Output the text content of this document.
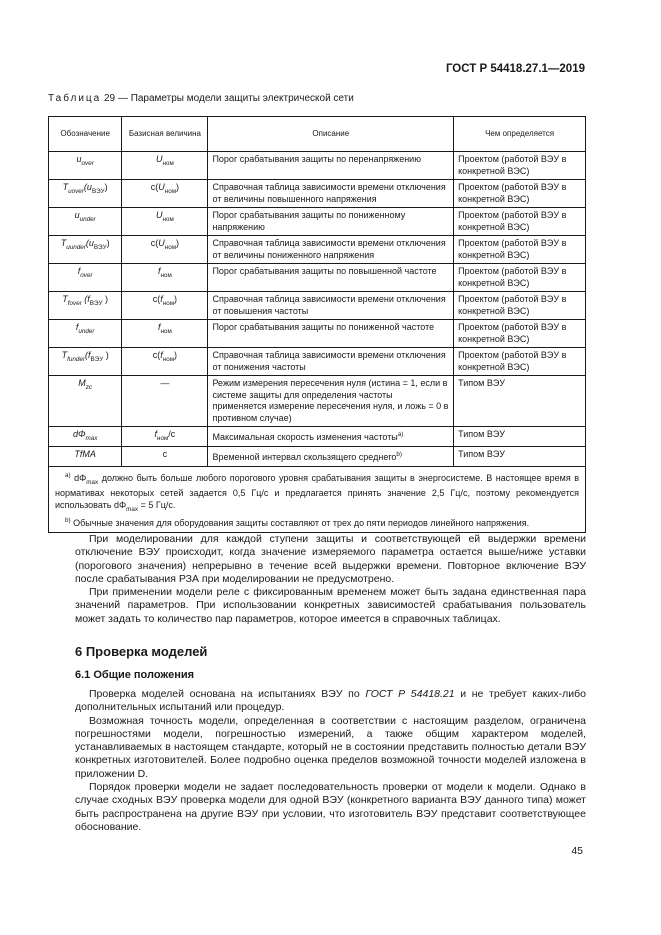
ГОСТ Р 54418.27.1—2019
Таблица 29 — Параметры модели защиты электрической сети
Обозначение	Базисная величина	Описание	Чем определяется
$u_{over}$	$U_{ном}$	Порог срабатывания защиты по перенапряжению	Проектом (работой ВЭУ в конкретной ВЭС)
$T_{uover}(u_{ВЭУ})$	$c(U_{ном})$	Справочная таблица зависимости времени отключения от величины повышенного напряжения	Проектом (работой ВЭУ в конкретной ВЭС)
$u_{under}$	$U_{ном}$	Порог срабатывания защиты по пониженному напряжению	Проектом (работой ВЭУ в конкретной ВЭС)
$T_{uunder}(u_{ВЭУ})$	$c(U_{ном})$	Справочная таблица зависимости времени отключения от величины пониженного напряжения	Проектом (работой ВЭУ в конкретной ВЭС)
$f_{over}$	$f_{ном}$	Порог срабатывания защиты по повышенной частоте	Проектом (работой ВЭУ в конкретной ВЭС)
$T_{fover}$ ($f_{ВЭУ}$ )	$c(f_{ном})$	Справочная таблица зависимости времени отключения от повышения частоты	Проектом (работой ВЭУ в конкретной ВЭС)
$f_{under}$	$f_{ном}$	Порог срабатывания защиты по пониженной частоте	Проектом (работой ВЭУ в конкретной ВЭС)
$T_{funder}(f_{ВЭУ}$ )	$c(f_{ном})$	Справочная таблица зависимости времени отключения от понижения частоты	Проектом (работой ВЭУ в конкретной ВЭС)
$M_{zc}$	—	Режим измерения пересечения нуля (истина = 1, если в системе защиты для определения частоты применяется измерение пересечения нуля, и ложь = 0 в противном случае)	Типом ВЭУ
$d\Phi_{max}$	$f_{ном}/c$	Максимальная скорость изменения частоты$^{a)}$	Типом ВЭУ
TfMA	c	Временной интервал скользящего среднего$^{b)}$	Типом ВЭУ

$^{a)}$ $d\Phi_{max}$ должно быть больше любого порогового уровня срабатывания защиты в энергосистеме. В настоящее время в нормативах некоторых сетей задается 0,5 Гц/с и предлагается принять значение 2,5 Гц/с, поэтому рекомендуется использовать $d\Phi_{max} = 5$ Гц/с.

$^{b)}$ Обычные значения для оборудования защиты составляют от трех до пяти периодов линейного напряжения.			

При моделировании для каждой ступени защиты и соответствующей ей выдержки времени отключение ВЭУ происходит, когда значение измеряемого параметра остается выше/ниже уставки (порогового значения) непрерывно в течение всей выдержки времени. Повторное включение ВЭУ после срабатывания РЗА при моделировании не предусмотрено.

При применении модели реле с фиксированным временем может быть задана единственная пара значений параметров. При использовании конкретных зависимостей срабатывания пользователь может задать то количество пар параметров, которое имеется в справочных таблицах.

6 Проверка моделей
6.1 Общие положения

Проверка моделей основана на испытаниях ВЭУ по ГОСТ Р 54418.21 и не требует каких-либо дополнительных испытаний или процедур.

Возможная точность модели, определенная в соответствии с настоящим разделом, ограничена погрешностями модели, погрешностью измерений, а также общим характером моделей, устанавливаемых в настоящем стандарте, который не в состоянии представить полностью детали ВЭУ конкретных изготовителей. Более подробно оценка пределов возможной точности моделей изложена в приложении D.

Порядок проверки модели не задает последовательность проверки от модели к модели. Однако в случае сходных ВЭУ проверка модели для одной ВЭУ (конкретного варианта ВЭУ данного типа) может быть распространена на другие ВЭУ при условии, что изготовитель ВЭУ представит соответствующее обоснование.

45
